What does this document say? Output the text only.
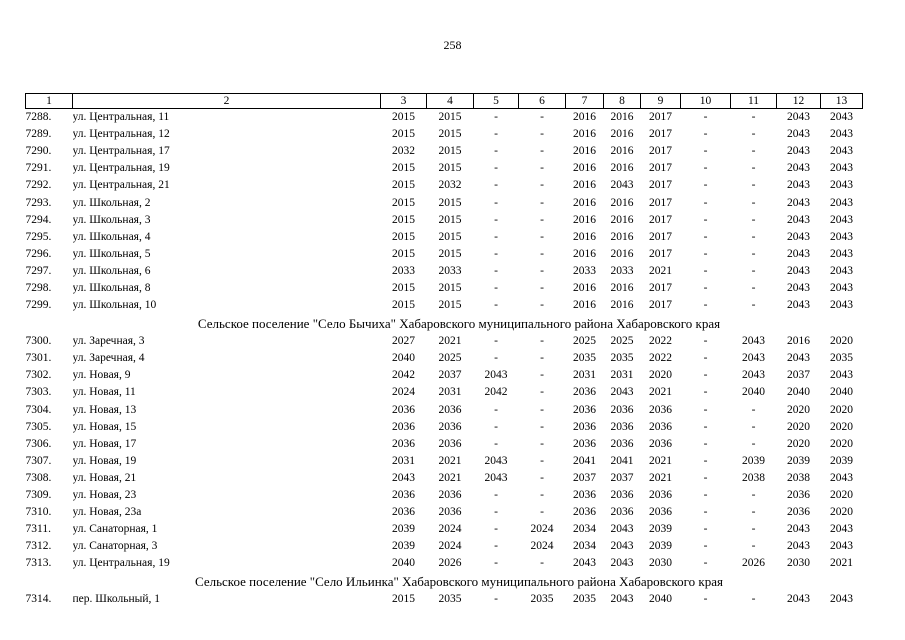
258
1	2	3	4	5	6	7	8	9	10	11	12	13
7288.	ул. Центральная, 11	2015	2015	-	-	2016	2016	2017	-	-	2043	2043
7289.	ул. Центральная, 12	2015	2015	-	-	2016	2016	2017	-	-	2043	2043
7290.	ул. Центральная, 17	2032	2015	-	-	2016	2016	2017	-	-	2043	2043
7291.	ул. Центральная, 19	2015	2015	-	-	2016	2016	2017	-	-	2043	2043
7292.	ул. Центральная, 21	2015	2032	-	-	2016	2043	2017	-	-	2043	2043
7293.	ул. Школьная, 2	2015	2015	-	-	2016	2016	2017	-	-	2043	2043
7294.	ул. Школьная, 3	2015	2015	-	-	2016	2016	2017	-	-	2043	2043
7295.	ул. Школьная, 4	2015	2015	-	-	2016	2016	2017	-	-	2043	2043
7296.	ул. Школьная, 5	2015	2015	-	-	2016	2016	2017	-	-	2043	2043
7297.	ул. Школьная, 6	2033	2033	-	-	2033	2033	2021	-	-	2043	2043
7298.	ул. Школьная, 8	2015	2015	-	-	2016	2016	2017	-	-	2043	2043
7299.	ул. Школьная, 10	2015	2015	-	-	2016	2016	2017	-	-	2043	2043
Сельское поселение "Село Бычиха" Хабаровского муниципального района Хабаровского края												
7300.	ул. Заречная, 3	2027	2021	-	-	2025	2025	2022	-	2043	2016	2020
7301.	ул. Заречная, 4	2040	2025	-	-	2035	2035	2022	-	2043	2043	2035
7302.	ул. Новая, 9	2042	2037	2043	-	2031	2031	2020	-	2043	2037	2043
7303.	ул. Новая, 11	2024	2031	2042	-	2036	2043	2021	-	2040	2040	2040
7304.	ул. Новая, 13	2036	2036	-	-	2036	2036	2036	-	-	2020	2020
7305.	ул. Новая, 15	2036	2036	-	-	2036	2036	2036	-	-	2020	2020
7306.	ул. Новая, 17	2036	2036	-	-	2036	2036	2036	-	-	2020	2020
7307.	ул. Новая, 19	2031	2021	2043	-	2041	2041	2021	-	2039	2039	2039
7308.	ул. Новая, 21	2043	2021	2043	-	2037	2037	2021	-	2038	2038	2043
7309.	ул. Новая, 23	2036	2036	-	-	2036	2036	2036	-	-	2036	2020
7310.	ул. Новая, 23а	2036	2036	-	-	2036	2036	2036	-	-	2036	2020
7311.	ул. Санаторная, 1	2039	2024	-	2024	2034	2043	2039	-	-	2043	2043
7312.	ул. Санаторная, 3	2039	2024	-	2024	2034	2043	2039	-	-	2043	2043
7313.	ул. Центральная, 19	2040	2026	-	-	2043	2043	2030	-	2026	2030	2021
Сельское поселение "Село Ильинка" Хабаровского муниципального района Хабаровского края												
7314.	пер. Школьный, 1	2015	2035	-	2035	2035	2043	2040	-	-	2043	2043
